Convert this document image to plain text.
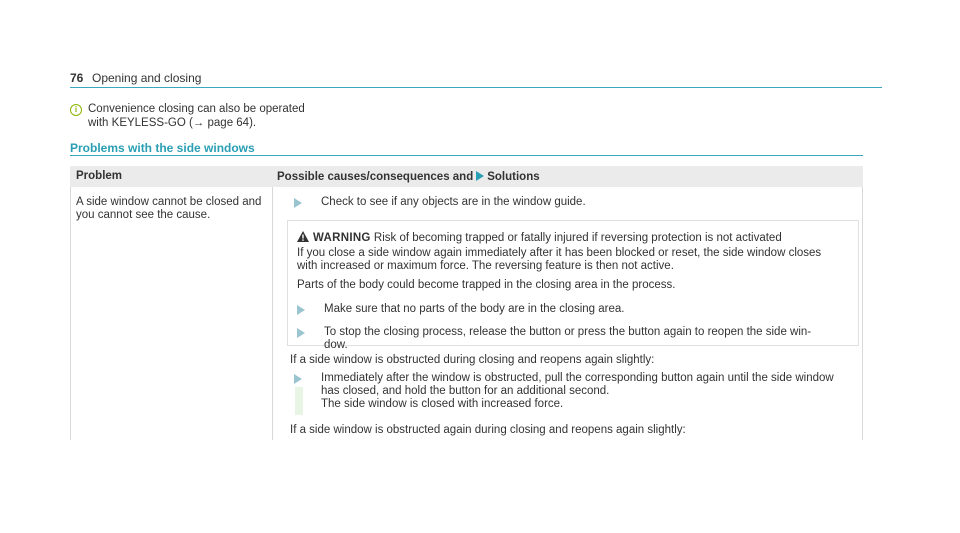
76 Opening and closing
i Convenience closing can also be operated
with KEYLESS-GO (→ page 64).
Problems with the side windows
Problem	Possible causes/consequences and Solutions
A side window cannot be closed and
you cannot see the cause.
Check to see if any objects are in the window guide.
WARNING Risk of becoming trapped or fatally injured if reversing protection is not activated
If you close a side window again immediately after it has been blocked or reset, the side window closes
with increased or maximum force. The reversing feature is then not active.
Parts of the body could become trapped in the closing area in the process.
Make sure that no parts of the body are in the closing area.
To stop the closing process, release the button or press the button again to reopen the side win-
dow.
If a side window is obstructed during closing and reopens again slightly:
Immediately after the window is obstructed, pull the corresponding button again until the side window
has closed, and hold the button for an additional second.
The side window is closed with increased force.
If a side window is obstructed again during closing and reopens again slightly:
